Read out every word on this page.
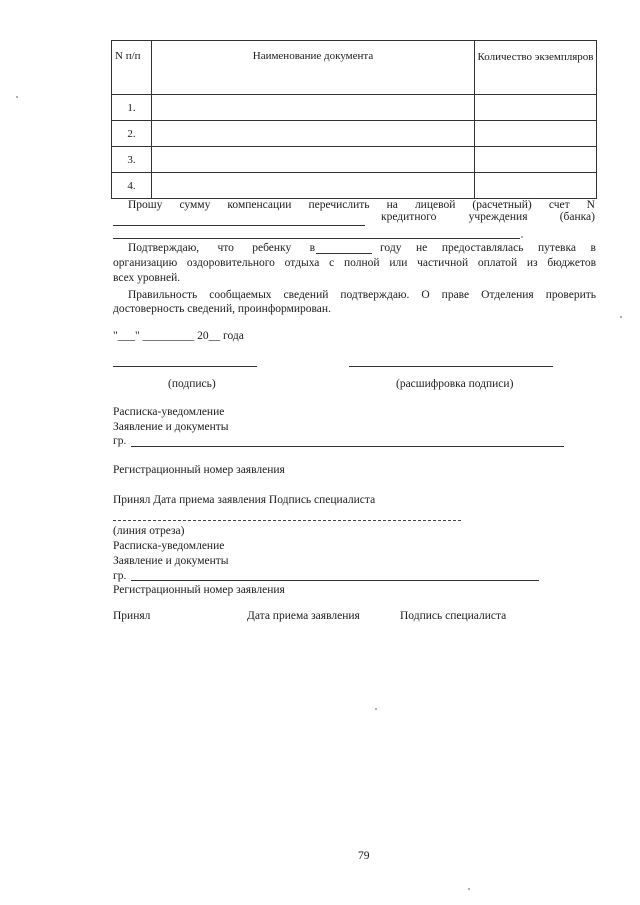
N п/п	Наименование документа	Количество экземпляров
1.		
2.		
3.		
4.		
Прошу сумму компенсации перечислить на лицевой (расчетный) счет N
кредитного учреждения (банка)
Подтверждаю, что ребенку в	году не предоставлялась путевка в
организацию оздоровительного отдыха с полной или частичной оплатой из бюджетов
всех уровней.
Правильность сообщаемых сведений подтверждаю. О праве Отделения проверить
достоверность сведений, проинформирован.
"___" _________ 20__ года
(подпись)	(расшифровка подписи)
Расписка-уведомление
Заявление и документы
гр.
Регистрационный номер заявления
Принял Дата приема заявления Подпись специалиста
(линия отреза)
Расписка-уведомление
Заявление и документы
гр.
Регистрационный номер заявления
Принял	Дата приема заявления	Подпись специалиста
79
